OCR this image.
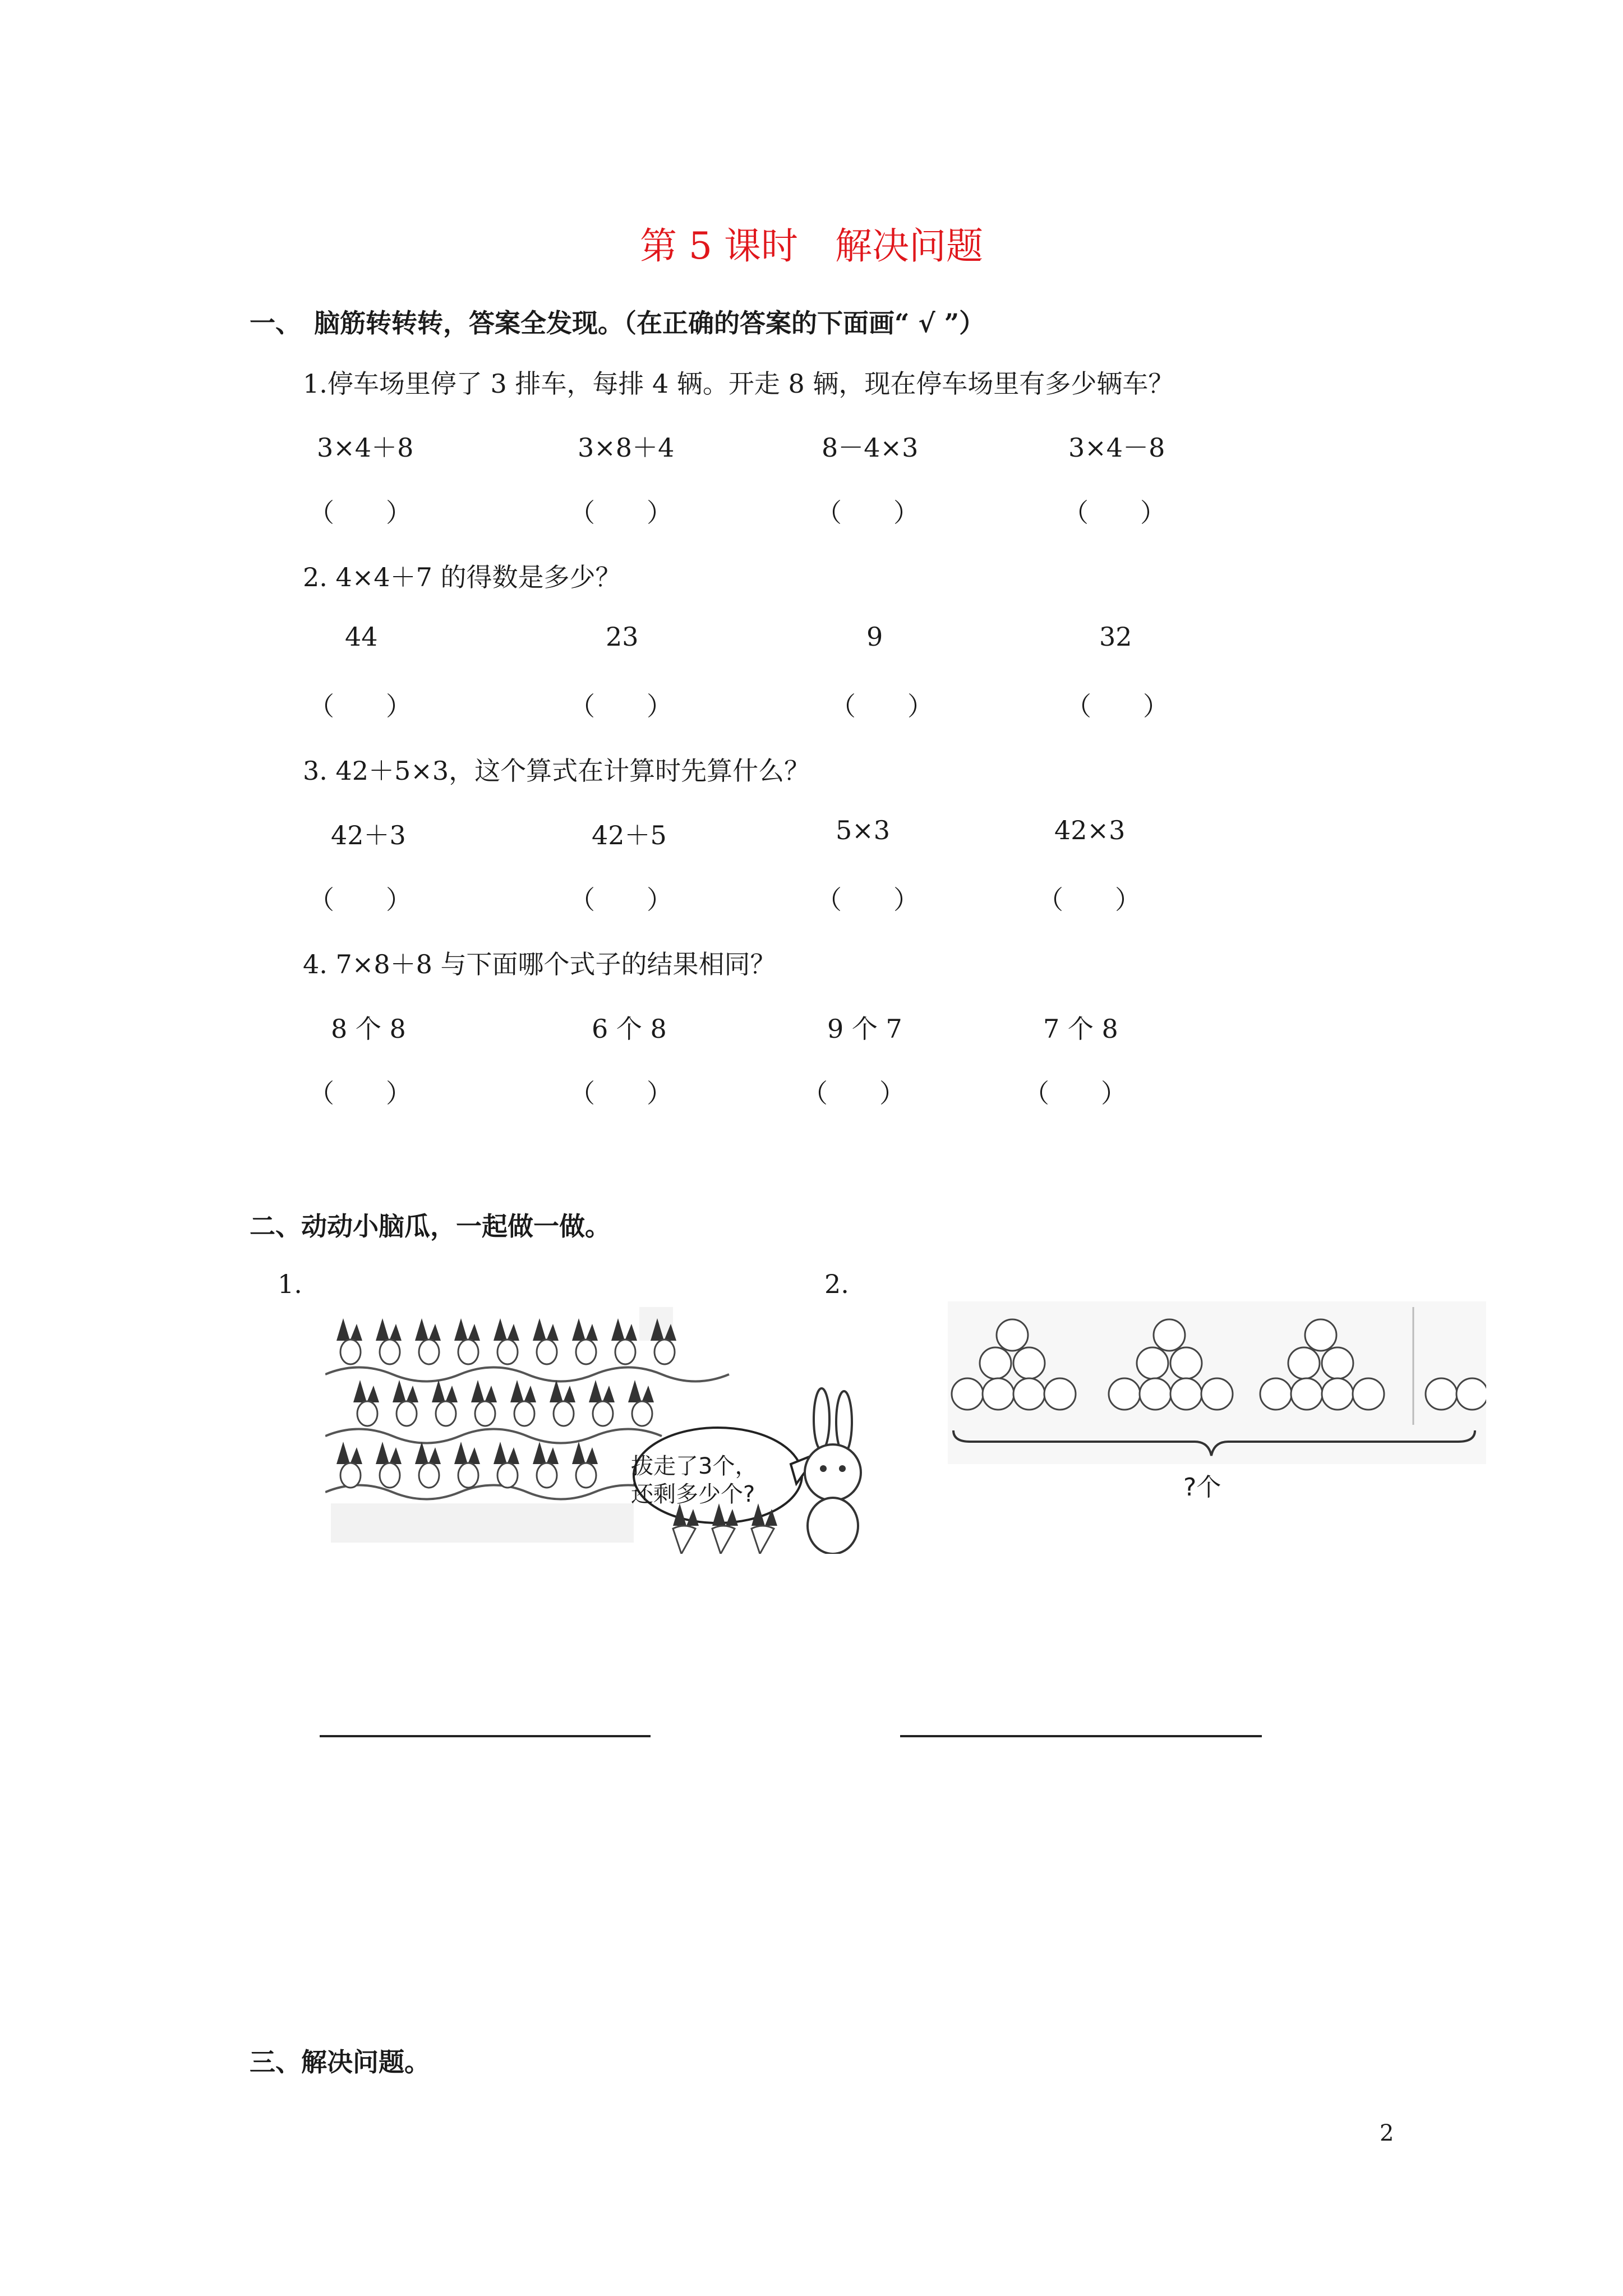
第 5 课时　解决问题
一、　脑筋转转转，答案全发现。（在正确的答案的下面画“ √ ”）
1.停车场里停了 3 排车，每排 4 辆。开走 8 辆，现在停车场里有多少辆车？
3×4＋8	3×8＋4	8－4×3	3×4－8
（　　）	（　　）	（　　）	（　　）
2. 4×4＋7 的得数是多少？
44	23	9	32
（　　）	（　　）	（　　）	（　　）
3. 42＋5×3，这个算式在计算时先算什么？
42＋3	42＋5	5×3	42×3
（　　）	（　　）	（　　）	（　　）
4. 7×8＋8 与下面哪个式子的结果相同？
8 个 8	6 个 8	9 个 7	7 个 8
（　　）	（　　）	（　　）	（　　）
二、动动小脑瓜，一起做一做。
1.	2.
拔走了3个，
还剩多少个?	?个
三、解决问题。
2
